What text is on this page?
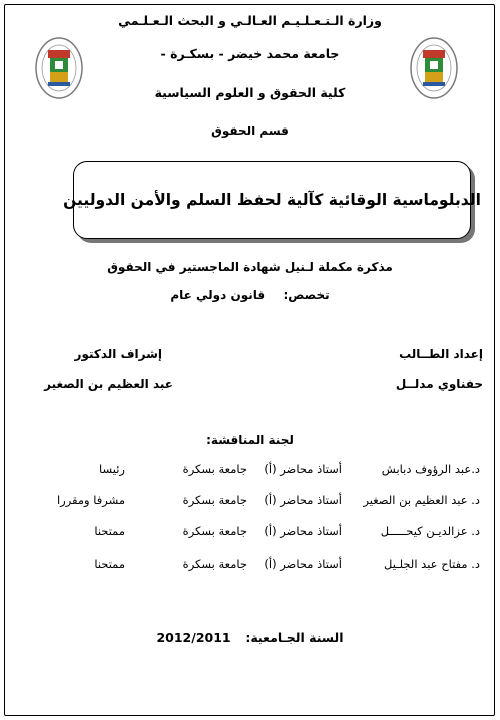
وزارة الـتـعـلـيـم العـالـي و البحث الـعـلـمي
جامعة محمد خيضر - بسكـرة -
كلية الحقوق و العلوم السياسية
قسم الحقوق
الدبلوماسية الوقائية كآلية لحفظ السلم والأمن الدوليين
مذكرة مكملة لـنيل شهادة الماجستير في الحقوق
تخصص:  قانون دولي عام
إعداد الطــالب
حفناوي مدلــل
إشراف الدكتور
عبد العظيم بن الصغير
لجنة المناقشة:
د.عبد الرؤوف دبابش
أستاذ محاضر (أ)
جامعة بسكرة
رئيسا
د. عبد العظيم بن الصغير
أستاذ محاضر (أ)
جامعة بسكرة
مشرفا ومقررا
د. عزالديـن كيحـــــل
أستاذ محاضر (أ)
جامعة بسكرة
ممتحنا
د. مفتاح عبد الجلـيل
أستاذ محاضر (أ)
جامعة بسكرة
ممتحنا
السنة الجـامعية:  2012/2011
